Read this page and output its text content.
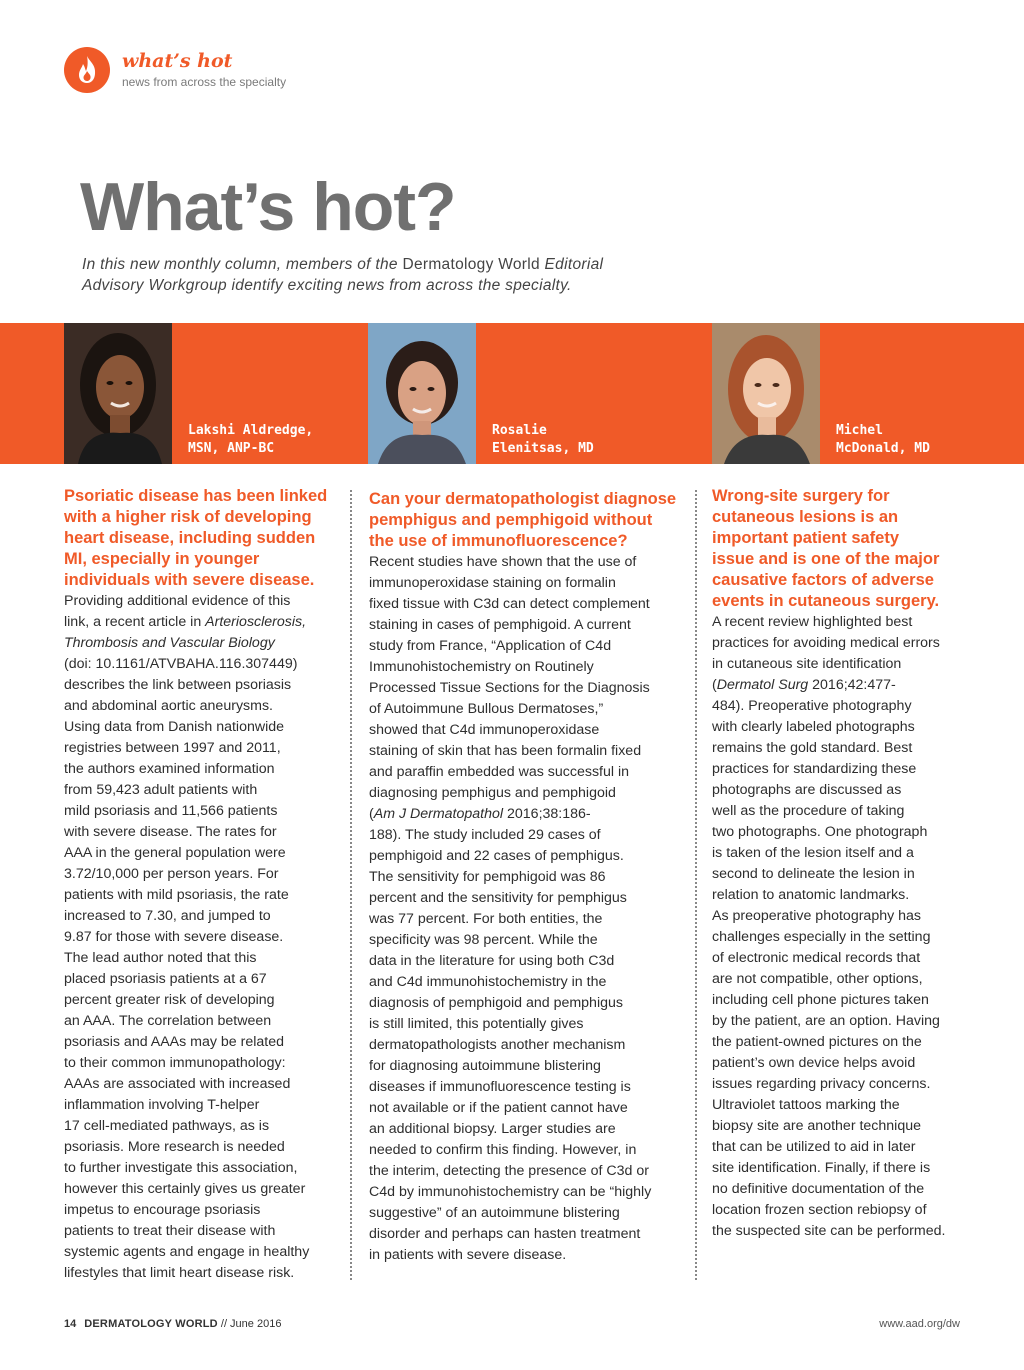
what’s hot
news from across the specialty
What’s hot?
In this new monthly column, members of the Dermatology World Editorial
Advisory Workgroup identify exciting news from across the specialty.
Lakshi Aldredge,
MSN, ANP-BC
Rosalie
Elenitsas, MD
Michel
McDonald, MD
Psoriatic disease has been linked
with a higher risk of developing
heart disease, including sudden
MI, especially in younger
individuals with severe disease.
Providing additional evidence of this
link, a recent article in Arteriosclerosis,
Thrombosis and Vascular Biology
(doi: 10.1161/ATVBAHA.116.307449)
describes the link between psoriasis
and abdominal aortic aneurysms.
Using data from Danish nationwide
registries between 1997 and 2011,
the authors examined information
from 59,423 adult patients with
mild psoriasis and 11,566 patients
with severe disease. The rates for
AAA in the general population were
3.72/10,000 per person years. For
patients with mild psoriasis, the rate
increased to 7.30, and jumped to
9.87 for those with severe disease.
The lead author noted that this
placed psoriasis patients at a 67
percent greater risk of developing
an AAA. The correlation between
psoriasis and AAAs may be related
to their common immunopathology:
AAAs are associated with increased
inflammation involving T-helper
17 cell-mediated pathways, as is
psoriasis. More research is needed
to further investigate this association,
however this certainly gives us greater
impetus to encourage psoriasis
patients to treat their disease with
systemic agents and engage in healthy
lifestyles that limit heart disease risk.
Can your dermatopathologist diagnose
pemphigus and pemphigoid without
the use of immunofluorescence?
Recent studies have shown that the use of
immunoperoxidase staining on formalin
fixed tissue with C3d can detect complement
staining in cases of pemphigoid. A current
study from France, “Application of C4d
Immunohistochemistry on Routinely
Processed Tissue Sections for the Diagnosis
of Autoimmune Bullous Dermatoses,”
showed that C4d immunoperoxidase
staining of skin that has been formalin fixed
and paraffin embedded was successful in
diagnosing pemphigus and pemphigoid
(Am J Dermatopathol 2016;38:186-
188). The study included 29 cases of
pemphigoid and 22 cases of pemphigus.
The sensitivity for pemphigoid was 86
percent and the sensitivity for pemphigus
was 77 percent. For both entities, the
specificity was 98 percent. While the
data in the literature for using both C3d
and C4d immunohistochemistry in the
diagnosis of pemphigoid and pemphigus
is still limited, this potentially gives
dermatopathologists another mechanism
for diagnosing autoimmune blistering
diseases if immunofluorescence testing is
not available or if the patient cannot have
an additional biopsy. Larger studies are
needed to confirm this finding. However, in
the interim, detecting the presence of C3d or
C4d by immunohistochemistry can be “highly
suggestive” of an autoimmune blistering
disorder and perhaps can hasten treatment
in patients with severe disease.
Wrong-site surgery for
cutaneous lesions is an
important patient safety
issue and is one of the major
causative factors of adverse
events in cutaneous surgery.
A recent review highlighted best
practices for avoiding medical errors
in cutaneous site identification
(Dermatol Surg 2016;42:477-
484). Preoperative photography
with clearly labeled photographs
remains the gold standard. Best
practices for standardizing these
photographs are discussed as
well as the procedure of taking
two photographs. One photograph
is taken of the lesion itself and a
second to delineate the lesion in
relation to anatomic landmarks.
As preoperative photography has
challenges especially in the setting
of electronic medical records that
are not compatible, other options,
including cell phone pictures taken
by the patient, are an option. Having
the patient-owned pictures on the
patient’s own device helps avoid
issues regarding privacy concerns.
Ultraviolet tattoos marking the
biopsy site are another technique
that can be utilized to aid in later
site identification. Finally, if there is
no definitive documentation of the
location frozen section rebiopsy of
the suspected site can be performed.
14 DERMATOLOGY WORLD // June 2016	www.aad.org/dw
